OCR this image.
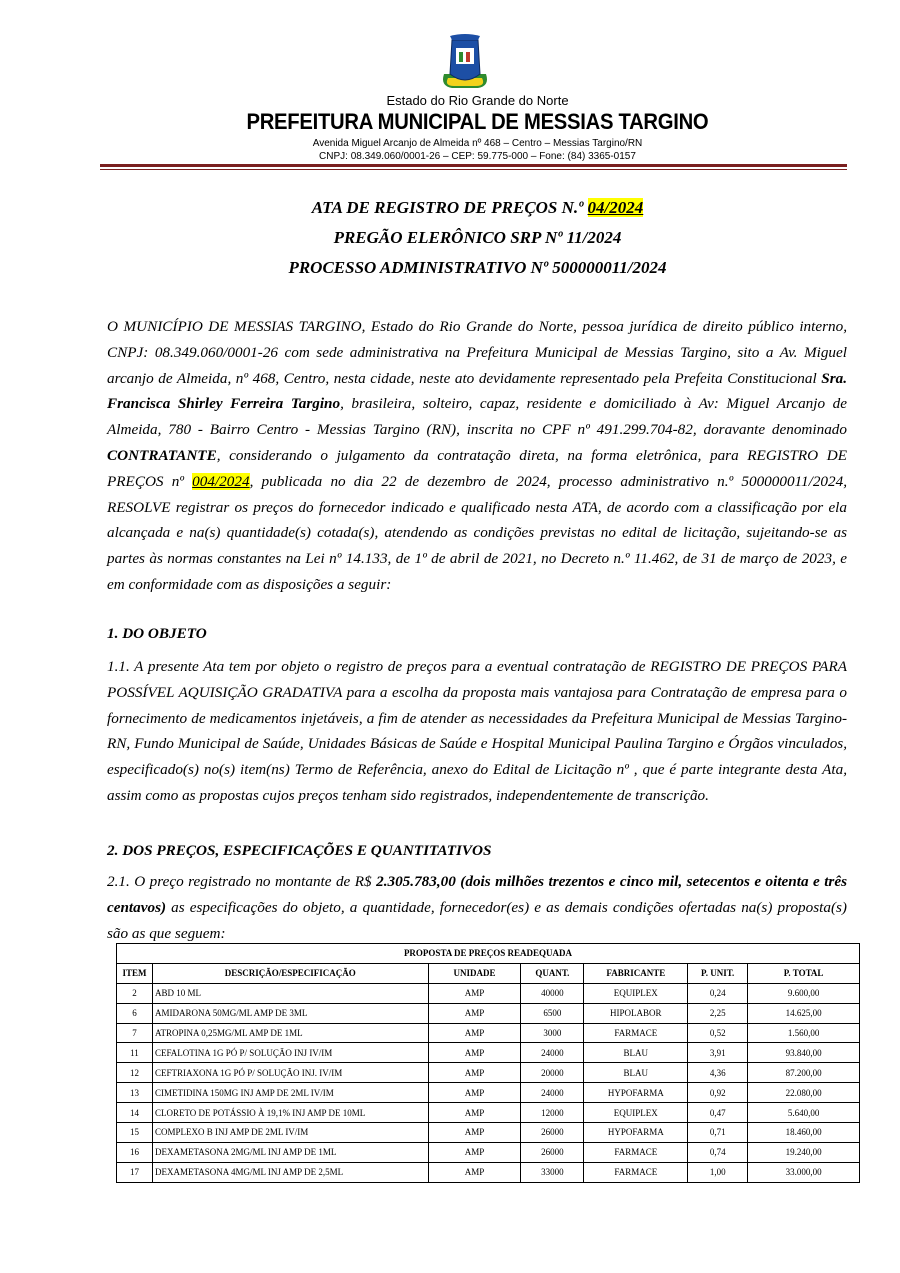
Estado do Rio Grande do Norte
PREFEITURA MUNICIPAL DE MESSIAS TARGINO
Avenida Miguel Arcanjo de Almeida nº 468 – Centro – Messias Targino/RN
CNPJ: 08.349.060/0001-26 – CEP: 59.775-000 – Fone: (84) 3365-0157
ATA DE REGISTRO DE PREÇOS N.º 04/2024
PREGÃO ELERÔNICO SRP Nº 11/2024
PROCESSO ADMINISTRATIVO Nº 500000011/2024

O MUNICÍPIO DE MESSIAS TARGINO, Estado do Rio Grande do Norte, pessoa jurídica de direito público interno, CNPJ: 08.349.060/0001-26 com sede administrativa na Prefeitura Municipal de Messias Targino, sito a Av. Miguel arcanjo de Almeida, nº 468, Centro, nesta cidade, neste ato devidamente representado pela Prefeita Constitucional Sra. Francisca Shirley Ferreira Targino, brasileira, solteiro, capaz, residente e domiciliado à Av: Miguel Arcanjo de Almeida, 780 - Bairro Centro - Messias Targino (RN), inscrita no CPF nº 491.299.704-82, doravante denominado CONTRATANTE, considerando o julgamento da contratação direta, na forma eletrônica, para REGISTRO DE PREÇOS nº 004/2024, publicada no dia 22 de dezembro de 2024, processo administrativo n.º 500000011/2024, RESOLVE registrar os preços do fornecedor indicado e qualificado nesta ATA, de acordo com a classificação por ela alcançada e na(s) quantidade(s) cotada(s), atendendo as condições previstas no edital de licitação, sujeitando-se as partes às normas constantes na Lei nº 14.133, de 1º de abril de 2021, no Decreto n.º 11.462, de 31 de março de 2023, e em conformidade com as disposições a seguir:

1. DO OBJETO

1.1. A presente Ata tem por objeto o registro de preços para a eventual contratação de REGISTRO DE PREÇOS PARA POSSÍVEL AQUISIÇÃO GRADATIVA para a escolha da proposta mais vantajosa para Contratação de empresa para o fornecimento de medicamentos injetáveis, a fim de atender as necessidades da Prefeitura Municipal de Messias Targino-RN, Fundo Municipal de Saúde, Unidades Básicas de Saúde e Hospital Municipal Paulina Targino e Órgãos vinculados, especificado(s) no(s) item(ns) Termo de Referência, anexo do Edital de Licitação nº , que é parte integrante desta Ata, assim como as propostas cujos preços tenham sido registrados, independentemente de transcrição.

2. DOS PREÇOS, ESPECIFICAÇÕES E QUANTITATIVOS

2.1. O preço registrado no montante de R$ 2.305.783,00 (dois milhões trezentos e cinco mil, setecentos e oitenta e três centavos) as especificações do objeto, a quantidade, fornecedor(es) e as demais condições ofertadas na(s) proposta(s) são as que seguem:

PROPOSTA DE PREÇOS READEQUADA						
ITEM	DESCRIÇÃO/ESPECIFICAÇÃO	UNIDADE	QUANT.	FABRICANTE	P. UNIT.	P. TOTAL
2	ABD 10 ML	AMP	40000	EQUIPLEX	0,24	9.600,00
6	AMIDARONA 50MG/ML AMP DE 3ML	AMP	6500	HIPOLABOR	2,25	14.625,00
7	ATROPINA 0,25MG/ML AMP DE 1ML	AMP	3000	FARMACE	0,52	1.560,00
11	CEFALOTINA 1G PÓ P/ SOLUÇÃO INJ IV/IM	AMP	24000	BLAU	3,91	93.840,00
12	CEFTRIAXONA 1G PÓ P/ SOLUÇÃO INJ. IV/IM	AMP	20000	BLAU	4,36	87.200,00
13	CIMETIDINA 150MG INJ AMP DE 2ML IV/IM	AMP	24000	HYPOFARMA	0,92	22.080,00
14	CLORETO DE POTÁSSIO À 19,1% INJ AMP DE 10ML	AMP	12000	EQUIPLEX	0,47	5.640,00
15	COMPLEXO B INJ AMP DE 2ML IV/IM	AMP	26000	HYPOFARMA	0,71	18.460,00
16	DEXAMETASONA 2MG/ML INJ AMP DE 1ML	AMP	26000	FARMACE	0,74	19.240,00
17	DEXAMETASONA 4MG/ML INJ AMP DE 2,5ML	AMP	33000	FARMACE	1,00	33.000,00
